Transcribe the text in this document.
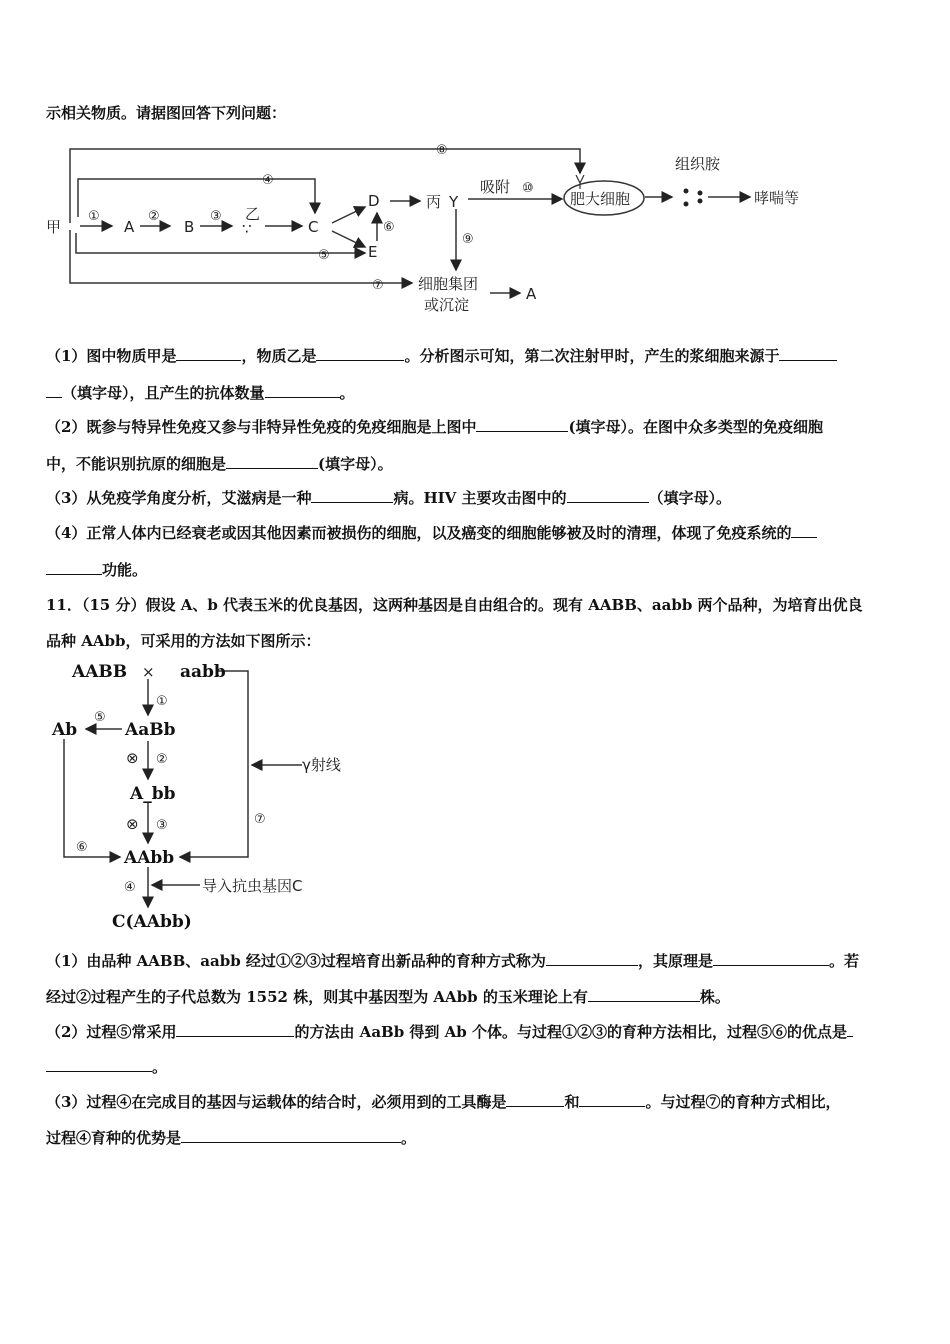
示相关物质。请据图回答下列问题：
甲	A	B
乙
∵	C
D
E
丙 Y
吸附
肥大细胞
组织胺
哮喘等
细胞集团
或沉淀
A
①	②	③
④
⑤
⑥
⑦
⑧
⑨
⑩
（1）图中物质甲是	，物质乙是	。分析图示可知，第二次注射甲时，产生的浆细胞来源于
（填字母），且产生的抗体数量	。
（2）既参与特异性免疫又参与非特异性免疫的免疫细胞是上图中	(填字母）。在图中众多类型的免疫细胞
中，不能识别抗原的细胞是	(填字母）。
（3）从免疫学角度分析，艾滋病是一种	病。HIV 主要攻击图中的	（填字母）。
（4）正常人体内已经衰老或因其他因素而被损伤的细胞，以及癌变的细胞能够被及时的清理，体现了免疫系统的
功能。
11．（15 分）假设 A、b 代表玉米的优良基因，这两种基因是自由组合的。现有 AABB、aabb 两个品种，为培育出优良
品种 AAbb，可采用的方法如下图所示：
AABB × aabb
①
Ab
⑤
AaBb
⊗ ②
A_bb
⊗ ③
⑥
⑦
γ射线
AAbb
④	导入抗虫基因C
C(AAbb)
（1）由品种 AABB、aabb 经过①②③过程培育出新品种的育种方式称为	，其原理是	。若
经过②过程产生的子代总数为 1552 株，则其中基因型为 AAbb 的玉米理论上有	株。
（2）过程⑤常采用	的方法由 AaBb 得到 Ab 个体。与过程①②③的育种方法相比，过程⑤⑥的优点是
。
（3）过程④在完成目的基因与运载体的结合时，必须用到的工具酶是	和	。与过程⑦的育种方式相比，
过程④育种的优势是	。
